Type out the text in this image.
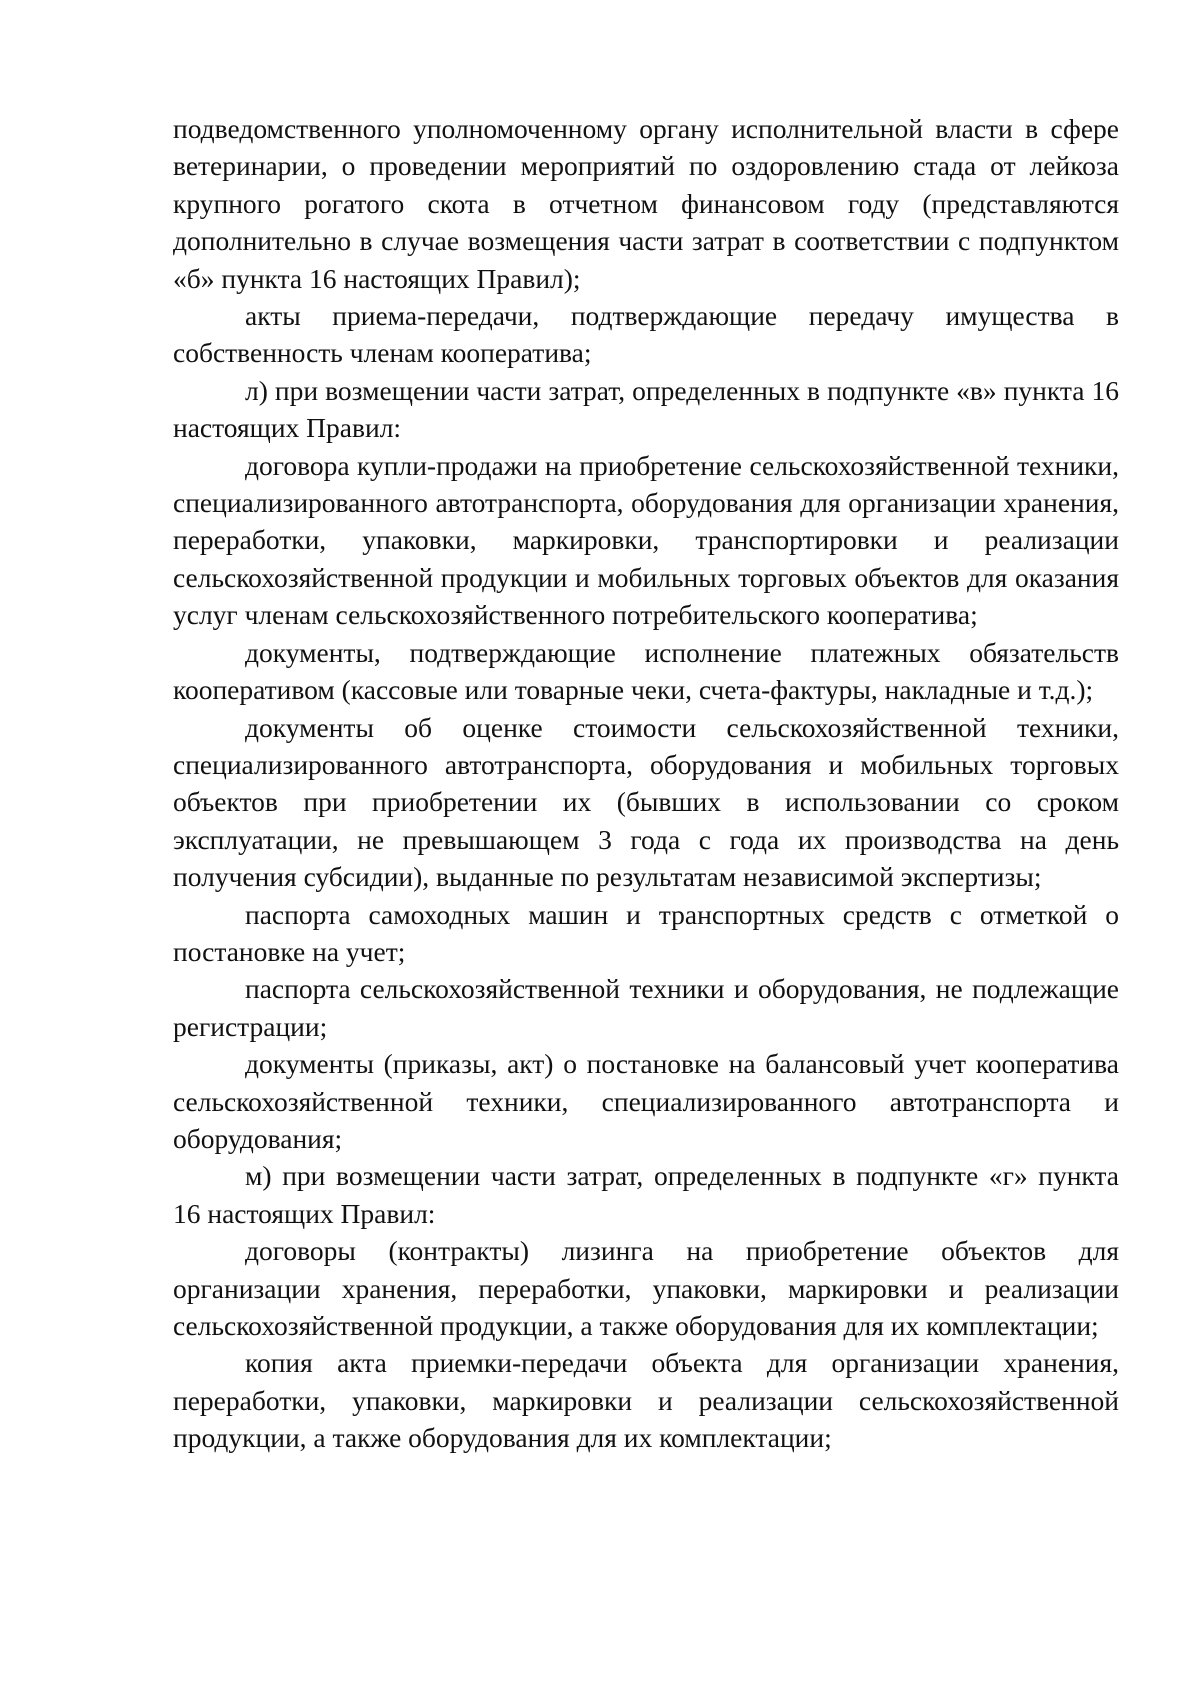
подведомственного уполномоченному органу исполнительной власти в сфере ветеринарии, о проведении мероприятий по оздоровлению стада от лейкоза крупного рогатого скота в отчетном финансовом году (представляются дополнительно в случае возмещения части затрат в соответствии с подпунктом «б» пункта 16 настоящих Правил);

акты приема-передачи, подтверждающие передачу имущества в собственность членам кооператива;

л) при возмещении части затрат, определенных в подпункте «в» пункта 16 настоящих Правил:

договора купли-продажи на приобретение сельскохозяйственной техники, специализированного автотранспорта, оборудования для организации хранения, переработки, упаковки, маркировки, транспортировки и реализации сельскохозяйственной продукции и мобильных торговых объектов для оказания услуг членам сельскохозяйственного потребительского кооператива;

документы, подтверждающие исполнение платежных обязательств кооперативом (кассовые или товарные чеки, счета-фактуры, накладные и т.д.);

документы об оценке стоимости сельскохозяйственной техники, специализированного автотранспорта, оборудования и мобильных торговых объектов при приобретении их (бывших в использовании со сроком эксплуатации, не превышающем 3 года с года их производства на день получения субсидии), выданные по результатам независимой экспертизы;

паспорта самоходных машин и транспортных средств с отметкой о постановке на учет;

паспорта сельскохозяйственной техники и оборудования, не подлежащие регистрации;

документы (приказы, акт) о постановке на балансовый учет кооператива сельскохозяйственной техники, специализированного автотранспорта и оборудования;

м) при возмещении части затрат, определенных в подпункте «г» пункта 16 настоящих Правил:

договоры (контракты) лизинга на приобретение объектов для организации хранения, переработки, упаковки, маркировки и реализации сельскохозяйственной продукции, а также оборудования для их комплектации;

копия акта приемки-передачи объекта для организации хранения, переработки, упаковки, маркировки и реализации сельскохозяйственной продукции, а также оборудования для их комплектации;
